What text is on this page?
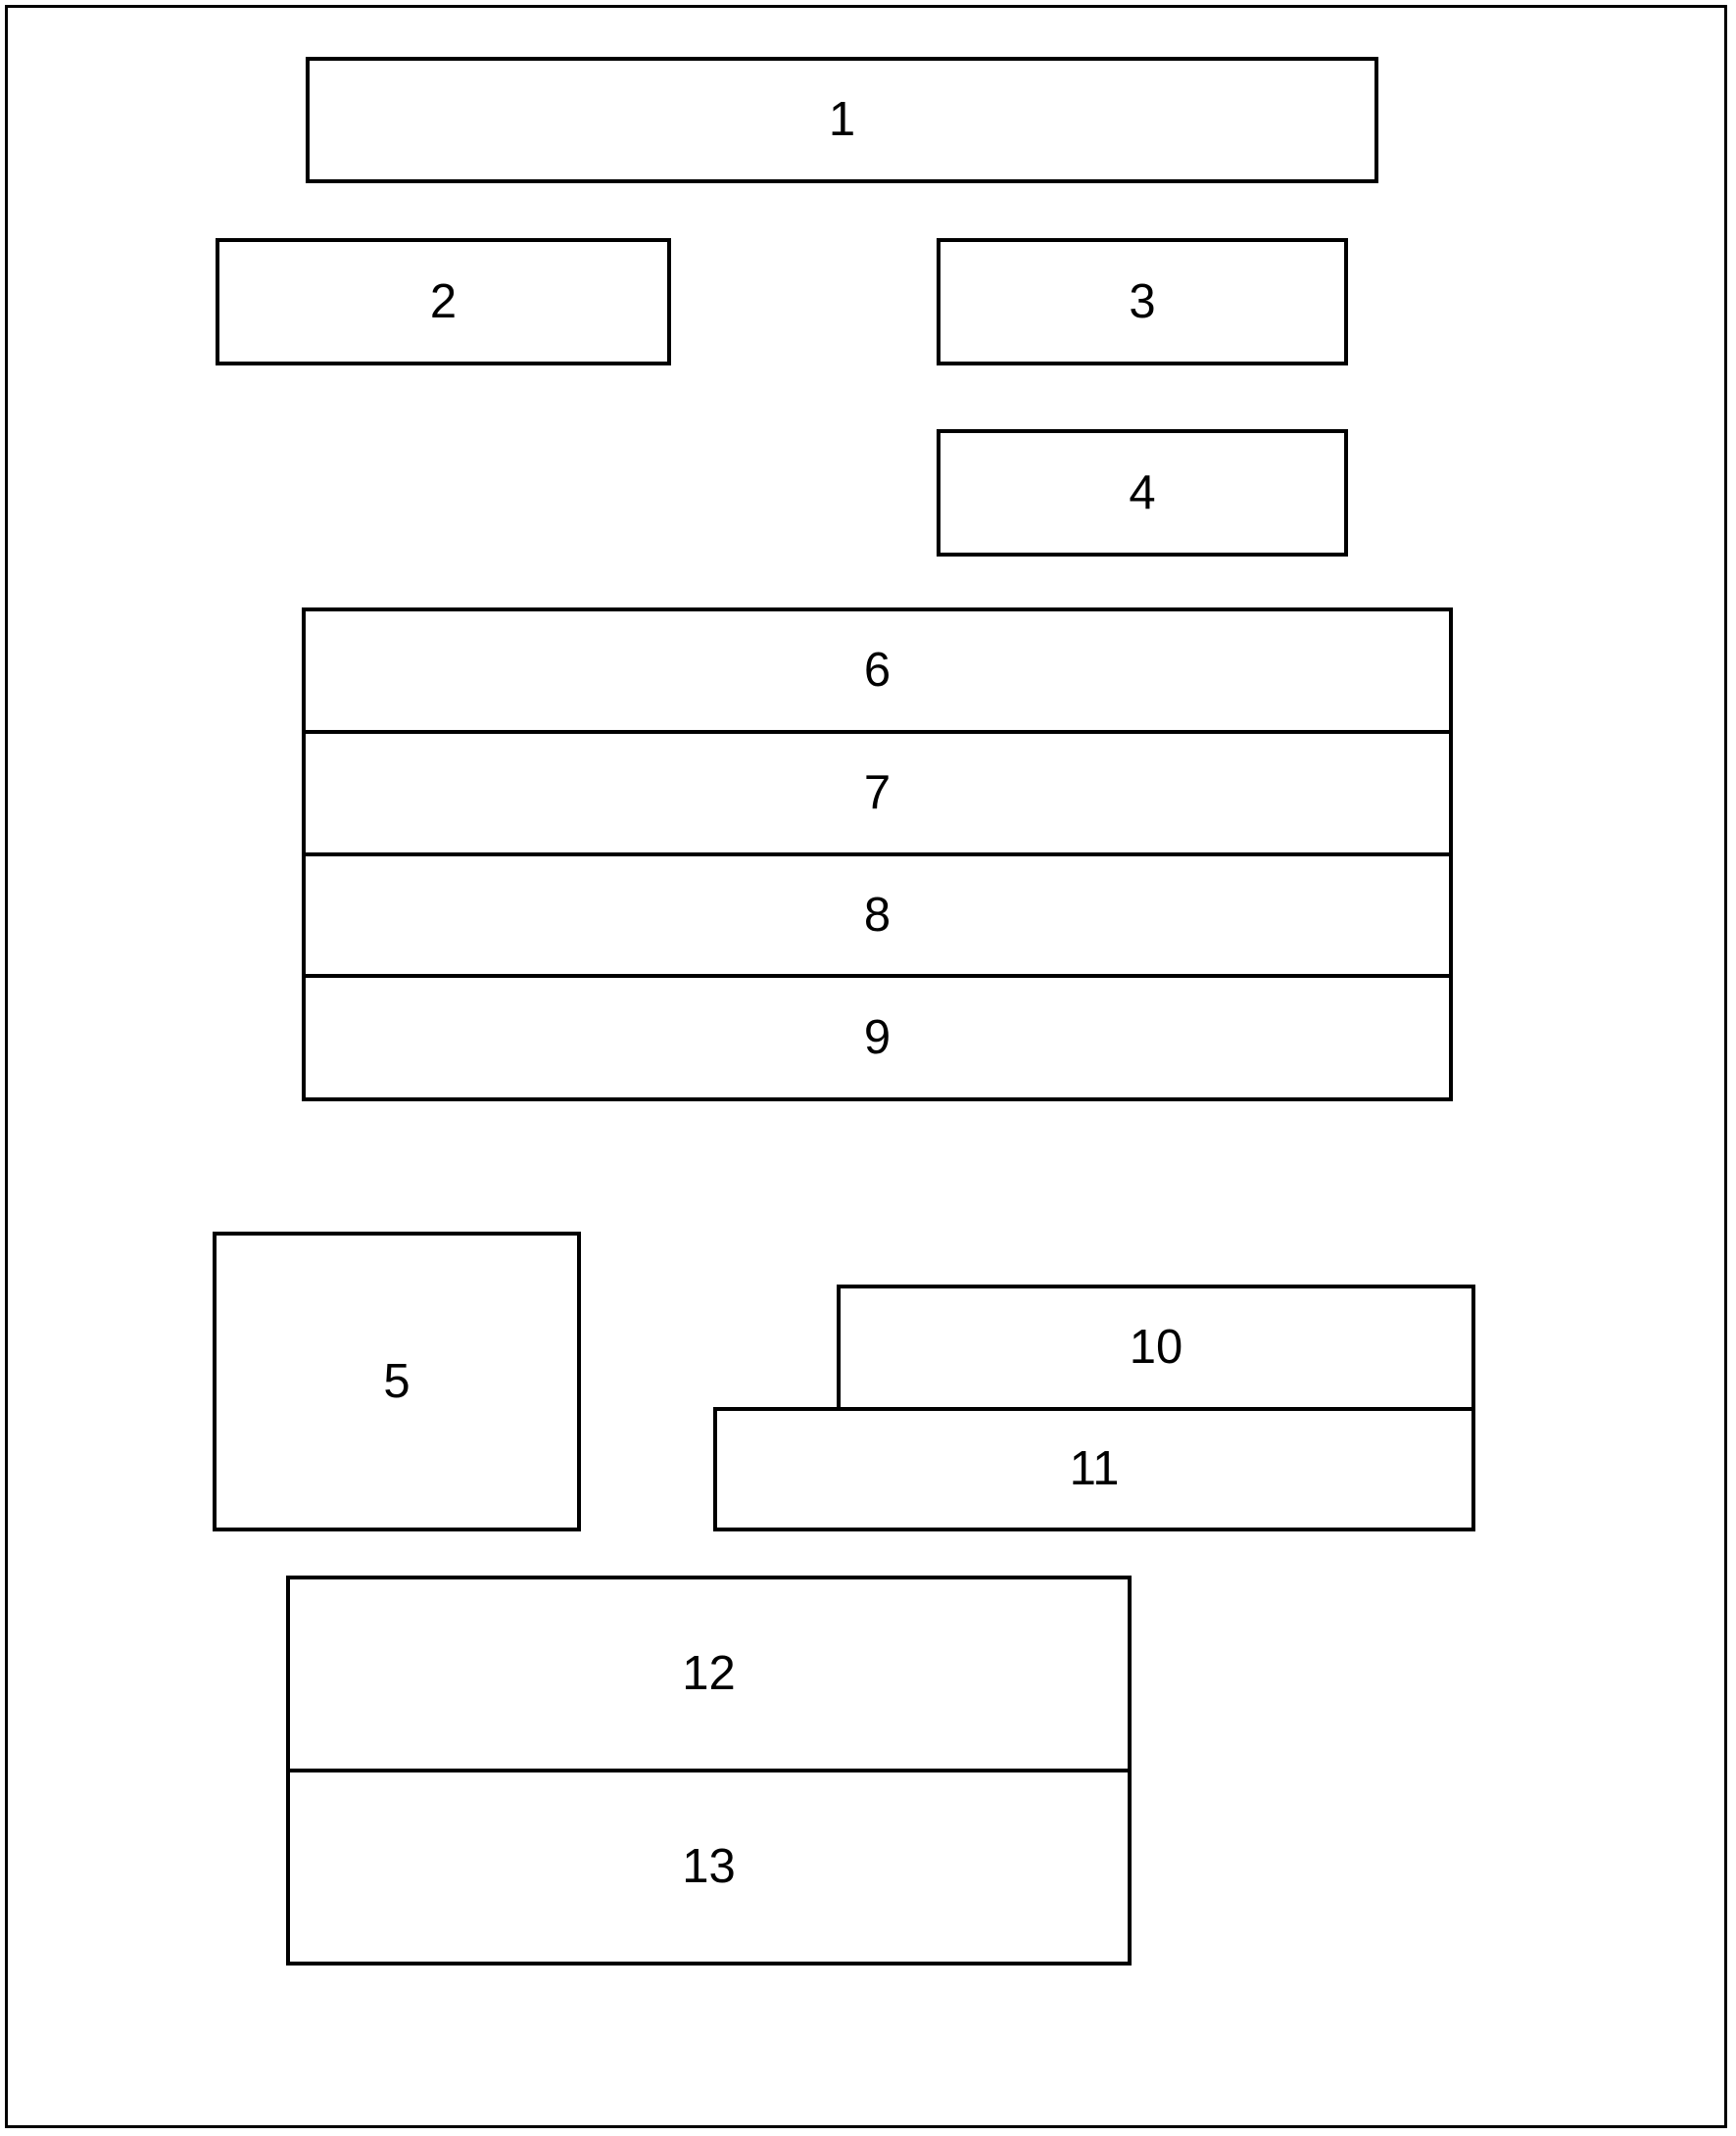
1
2	3
4
6
7
8
9
5
10
11
12
13
